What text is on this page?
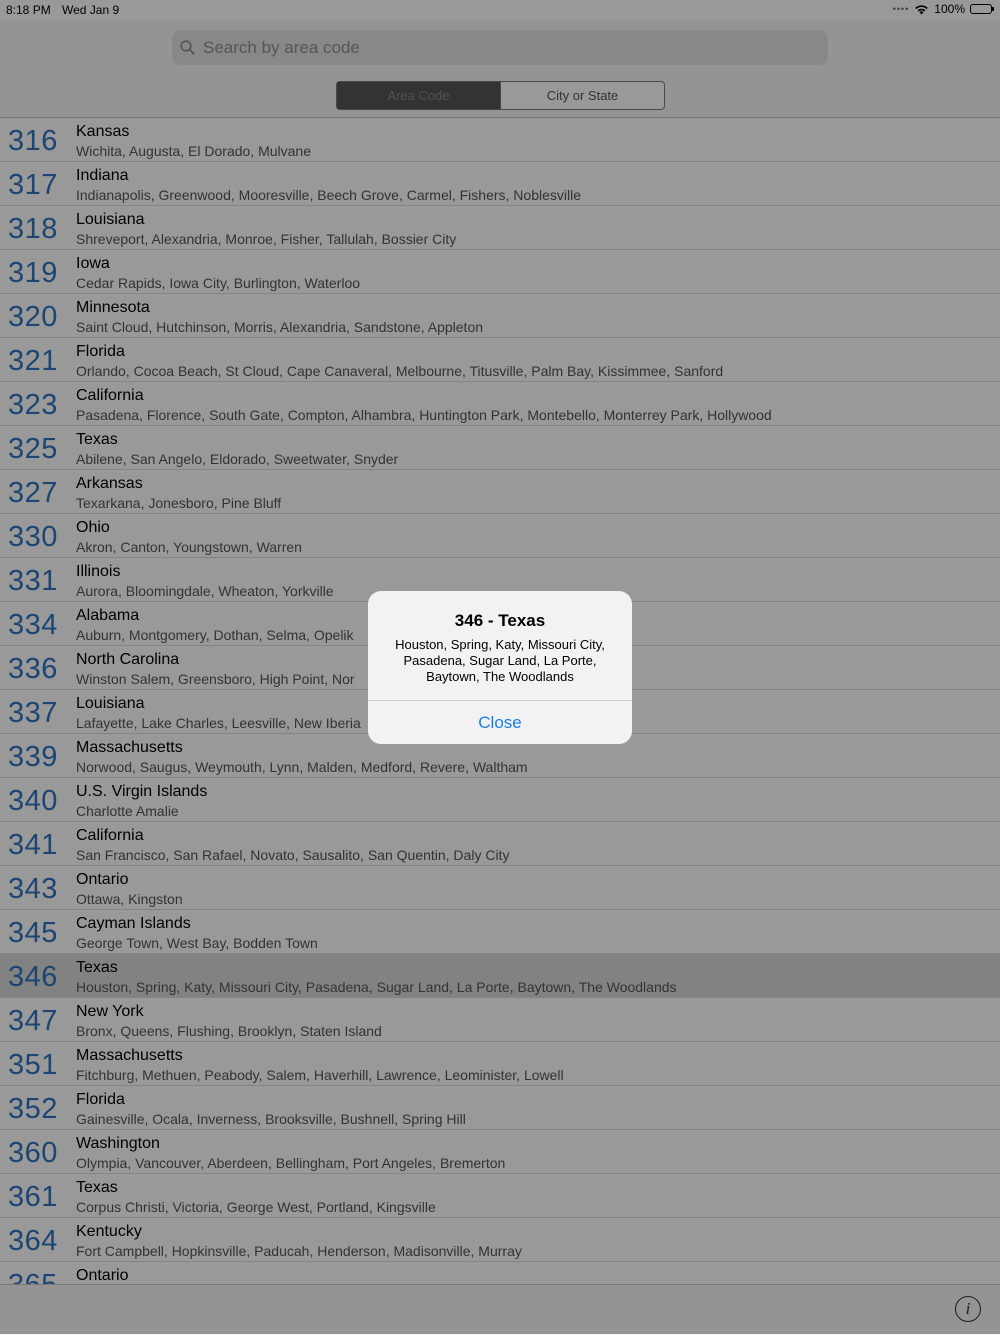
8:18 PM Wed Jan 9	•••• 100%
Search by area code
Area Code	City or State
316 Kansas
Wichita, Augusta, El Dorado, Mulvane
317 Indiana
Indianapolis, Greenwood, Mooresville, Beech Grove, Carmel, Fishers, Noblesville
318 Louisiana
Shreveport, Alexandria, Monroe, Fisher, Tallulah, Bossier City
319 Iowa
Cedar Rapids, Iowa City, Burlington, Waterloo
320 Minnesota
Saint Cloud, Hutchinson, Morris, Alexandria, Sandstone, Appleton
321 Florida
Orlando, Cocoa Beach, St Cloud, Cape Canaveral, Melbourne, Titusville, Palm Bay, Kissimmee, Sanford
323 California
Pasadena, Florence, South Gate, Compton, Alhambra, Huntington Park, Montebello, Monterrey Park, Hollywood
325 Texas
Abilene, San Angelo, Eldorado, Sweetwater, Snyder
327 Arkansas
Texarkana, Jonesboro, Pine Bluff
330 Ohio
Akron, Canton, Youngstown, Warren
331 Illinois
Aurora, Bloomingdale, Wheaton, Yorkville
334 Alabama
Auburn, Montgomery, Dothan, Selma, Opelik
336 North Carolina
Winston Salem, Greensboro, High Point, Nor
337 Louisiana
Lafayette, Lake Charles, Leesville, New Iberia
339 Massachusetts
Norwood, Saugus, Weymouth, Lynn, Malden, Medford, Revere, Waltham
340 U.S. Virgin Islands
Charlotte Amalie
341 California
San Francisco, San Rafael, Novato, Sausalito, San Quentin, Daly City
343 Ontario
Ottawa, Kingston
345 Cayman Islands
George Town, West Bay, Bodden Town
346 Texas
Houston, Spring, Katy, Missouri City, Pasadena, Sugar Land, La Porte, Baytown, The Woodlands
347 New York
Bronx, Queens, Flushing, Brooklyn, Staten Island
351 Massachusetts
Fitchburg, Methuen, Peabody, Salem, Haverhill, Lawrence, Leominister, Lowell
352 Florida
Gainesville, Ocala, Inverness, Brooksville, Bushnell, Spring Hill
360 Washington
Olympia, Vancouver, Aberdeen, Bellingham, Port Angeles, Bremerton
361 Texas
Corpus Christi, Victoria, George West, Portland, Kingsville
364 Kentucky
Fort Campbell, Hopkinsville, Paducah, Henderson, Madisonville, Murray
Ontario
i
346 - Texas
Houston, Spring, Katy, Missouri City, Pasadena, Sugar Land, La Porte, Baytown, The Woodlands
Close
